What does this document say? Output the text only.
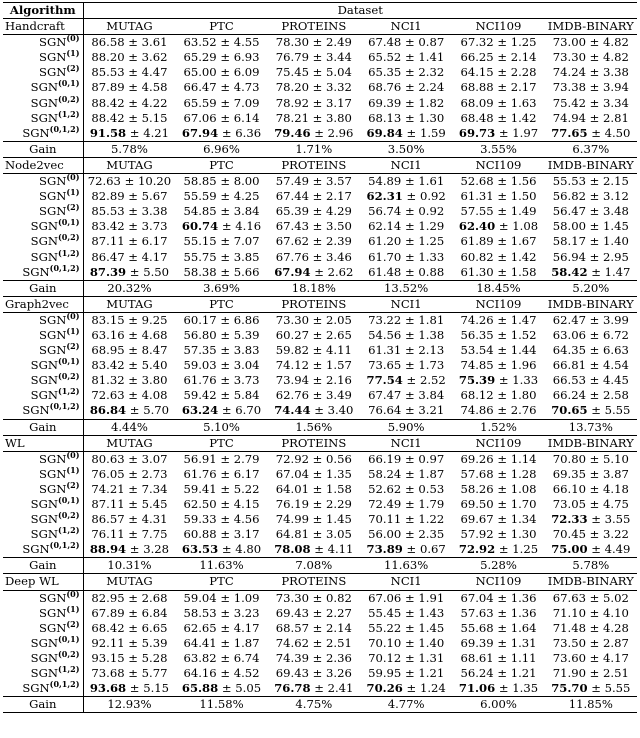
Algorithm	Dataset					
Handcraft	MUTAG	PTC	PROTEINS	NCI1	NCI109	IMDB-BINARY
SGN$^{(0)}$	86.58 ± 3.61	63.52 ± 4.55	78.30 ± 2.49	67.48 ± 0.87	67.32 ± 1.25	73.00 ± 4.82
SGN$^{(1)}$	88.20 ± 3.62	65.29 ± 6.93	76.79 ± 3.44	65.52 ± 1.41	66.25 ± 2.14	73.30 ± 4.82
SGN$^{(2)}$	85.53 ± 4.47	65.00 ± 6.09	75.45 ± 5.04	65.35 ± 2.32	64.15 ± 2.28	74.24 ± 3.38
SGN$^{(0,1)}$	87.89 ± 4.58	66.47 ± 4.73	78.20 ± 3.32	68.76 ± 2.24	68.88 ± 2.17	73.38 ± 3.94
SGN$^{(0,2)}$	88.42 ± 4.22	65.59 ± 7.09	78.92 ± 3.17	69.39 ± 1.82	68.09 ± 1.63	75.42 ± 3.34
SGN$^{(1,2)}$	88.42 ± 5.15	67.06 ± 6.14	78.21 ± 3.80	68.13 ± 1.30	68.48 ± 1.42	74.94 ± 2.81
SGN$^{(0,1,2)}$	91.58 ± 4.21	67.94 ± 6.36	79.46 ± 2.96	69.84 ± 1.59	69.73 ± 1.97	77.65 ± 4.50
Gain	5.78%	6.96%	1.71%	3.50%	3.55%	6.37%
Node2vec	MUTAG	PTC	PROTEINS	NCI1	NCI109	IMDB-BINARY
SGN$^{(0)}$	72.63 ± 10.20	58.85 ± 8.00	57.49 ± 3.57	54.89 ± 1.61	52.68 ± 1.56	55.53 ± 2.15
SGN$^{(1)}$	82.89 ± 5.67	55.59 ± 4.25	67.44 ± 2.17	62.31 ± 0.92	61.31 ± 1.50	56.82 ± 3.12
SGN$^{(2)}$	85.53 ± 3.38	54.85 ± 3.84	65.39 ± 4.29	56.74 ± 0.92	57.55 ± 1.49	56.47 ± 3.48
SGN$^{(0,1)}$	83.42 ± 3.73	60.74 ± 4.16	67.43 ± 3.50	62.14 ± 1.29	62.40 ± 1.08	58.00 ± 1.45
SGN$^{(0,2)}$	87.11 ± 6.17	55.15 ± 7.07	67.62 ± 2.39	61.20 ± 1.25	61.89 ± 1.67	58.17 ± 1.40
SGN$^{(1,2)}$	86.47 ± 4.17	55.75 ± 3.85	67.76 ± 3.46	61.70 ± 1.33	60.82 ± 1.42	56.94 ± 2.95
SGN$^{(0,1,2)}$	87.39 ± 5.50	58.38 ± 5.66	67.94 ± 2.62	61.48 ± 0.88	61.30 ± 1.58	58.42 ± 1.47
Gain	20.32%	3.69%	18.18%	13.52%	18.45%	5.20%
Graph2vec	MUTAG	PTC	PROTEINS	NCI1	NCI109	IMDB-BINARY
SGN$^{(0)}$	83.15 ± 9.25	60.17 ± 6.86	73.30 ± 2.05	73.22 ± 1.81	74.26 ± 1.47	62.47 ± 3.99
SGN$^{(1)}$	63.16 ± 4.68	56.80 ± 5.39	60.27 ± 2.65	54.56 ± 1.38	56.35 ± 1.52	63.06 ± 6.72
SGN$^{(2)}$	68.95 ± 8.47	57.35 ± 3.83	59.82 ± 4.11	61.31 ± 2.13	53.54 ± 1.44	64.35 ± 6.63
SGN$^{(0,1)}$	83.42 ± 5.40	59.03 ± 3.04	74.12 ± 1.57	73.65 ± 1.73	74.85 ± 1.96	66.81 ± 4.54
SGN$^{(0,2)}$	81.32 ± 3.80	61.76 ± 3.73	73.94 ± 2.16	77.54 ± 2.52	75.39 ± 1.33	66.53 ± 4.45
SGN$^{(1,2)}$	72.63 ± 4.08	59.42 ± 5.84	62.76 ± 3.49	67.47 ± 3.84	68.12 ± 1.80	66.24 ± 2.58
SGN$^{(0,1,2)}$	86.84 ± 5.70	63.24 ± 6.70	74.44 ± 3.40	76.64 ± 3.21	74.86 ± 2.76	70.65 ± 5.55
Gain	4.44%	5.10%	1.56%	5.90%	1.52%	13.73%
WL	MUTAG	PTC	PROTEINS	NCI1	NCI109	IMDB-BINARY
SGN$^{(0)}$	80.63 ± 3.07	56.91 ± 2.79	72.92 ± 0.56	66.19 ± 0.97	69.26 ± 1.14	70.80 ± 5.10
SGN$^{(1)}$	76.05 ± 2.73	61.76 ± 6.17	67.04 ± 1.35	58.24 ± 1.87	57.68 ± 1.28	69.35 ± 3.87
SGN$^{(2)}$	74.21 ± 7.34	59.41 ± 5.22	64.01 ± 1.58	52.62 ± 0.53	58.26 ± 1.08	66.10 ± 4.18
SGN$^{(0,1)}$	87.11 ± 5.45	62.50 ± 4.15	76.19 ± 2.29	72.49 ± 1.79	69.50 ± 1.70	73.05 ± 4.75
SGN$^{(0,2)}$	86.57 ± 4.31	59.33 ± 4.56	74.99 ± 1.45	70.11 ± 1.22	69.67 ± 1.34	72.33 ± 3.55
SGN$^{(1,2)}$	76.11 ± 7.75	60.88 ± 3.17	64.81 ± 3.05	56.00 ± 2.35	57.92 ± 1.30	70.45 ± 3.22
SGN$^{(0,1,2)}$	88.94 ± 3.28	63.53 ± 4.80	78.08 ± 4.11	73.89 ± 0.67	72.92 ± 1.25	75.00 ± 4.49
Gain	10.31%	11.63%	7.08%	11.63%	5.28%	5.78%
Deep WL	MUTAG	PTC	PROTEINS	NCI1	NCI109	IMDB-BINARY
SGN$^{(0)}$	82.95 ± 2.68	59.04 ± 1.09	73.30 ± 0.82	67.06 ± 1.91	67.04 ± 1.36	67.63 ± 5.02
SGN$^{(1)}$	67.89 ± 6.84	58.53 ± 3.23	69.43 ± 2.27	55.45 ± 1.43	57.63 ± 1.36	71.10 ± 4.10
SGN$^{(2)}$	68.42 ± 6.65	62.65 ± 4.17	68.57 ± 2.14	55.22 ± 1.45	55.68 ± 1.64	71.48 ± 4.28
SGN$^{(0,1)}$	92.11 ± 5.39	64.41 ± 1.87	74.62 ± 2.51	70.10 ± 1.40	69.39 ± 1.31	73.50 ± 2.87
SGN$^{(0,2)}$	93.15 ± 5.28	63.82 ± 6.74	74.39 ± 2.36	70.12 ± 1.31	68.61 ± 1.11	73.60 ± 4.17
SGN$^{(1,2)}$	73.68 ± 5.77	64.16 ± 4.52	69.43 ± 3.26	59.95 ± 1.21	56.24 ± 1.21	71.90 ± 2.51
SGN$^{(0,1,2)}$	93.68 ± 5.15	65.88 ± 5.05	76.78 ± 2.41	70.26 ± 1.24	71.06 ± 1.35	75.70 ± 5.55
Gain	12.93%	11.58%	4.75%	4.77%	6.00%	11.85%
